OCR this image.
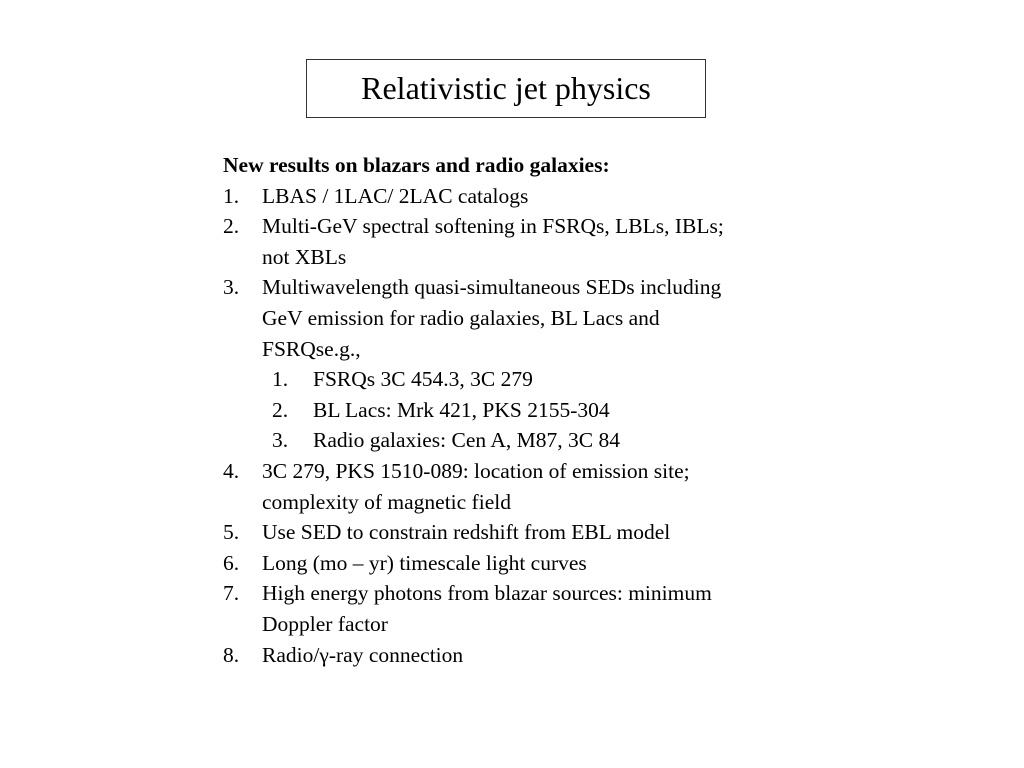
Relativistic jet physics
New results on blazars and radio galaxies:
1.	LBAS / 1LAC/ 2LAC catalogs
2.	Multi-GeV spectral softening in FSRQs, LBLs, IBLs;
not XBLs
3.	Multiwavelength quasi-simultaneous SEDs including
GeV emission for radio galaxies, BL Lacs and
FSRQse.g.,
1.	FSRQs 3C 454.3, 3C 279
2.	BL Lacs: Mrk 421, PKS 2155-304
3.	Radio galaxies: Cen A, M87, 3C 84
4.	3C 279, PKS 1510-089: location of emission site;
complexity of magnetic field
5.	Use SED to constrain redshift from EBL model
6.	Long (mo – yr) timescale light curves
7.	High energy photons from blazar sources: minimum
Doppler factor
8.	Radio/γ-ray connection
